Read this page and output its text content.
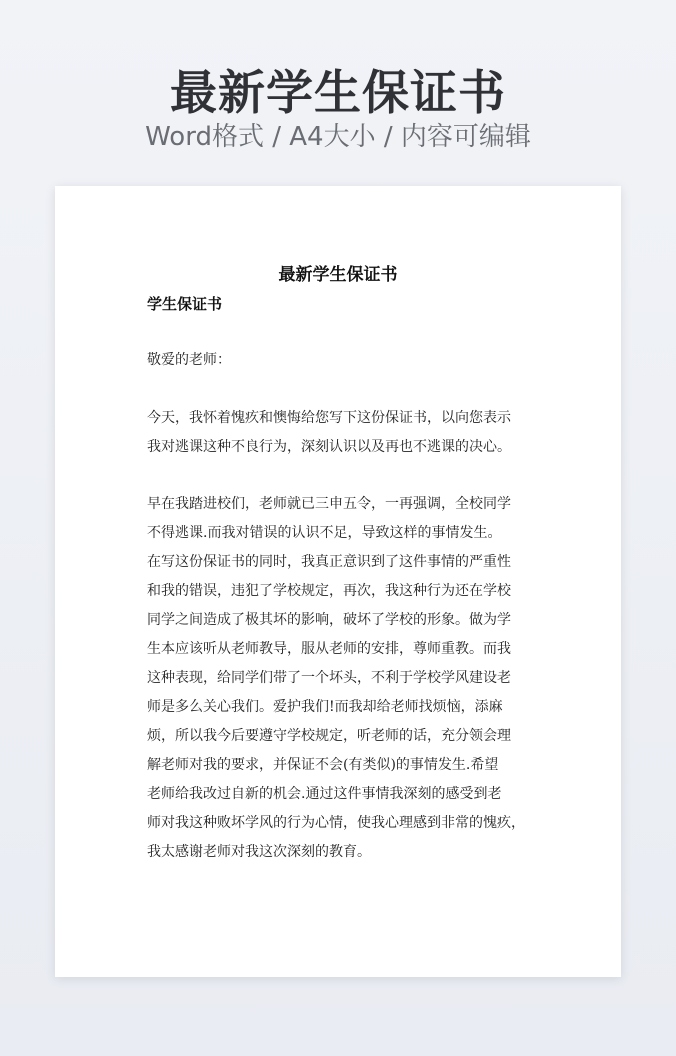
最新学生保证书
Word格式 / A4大小 / 内容可编辑
最新学生保证书
学生保证书
敬爱的老师：
今天，我怀着愧疚和懊悔给您写下这份保证书，以向您表示
我对逃课这种不良行为，深刻认识以及再也不逃课的决心。
早在我踏进校们，老师就已三申五令，一再强调，全校同学
不得逃课.而我对错误的认识不足，导致这样的事情发生。
在写这份保证书的同时，我真正意识到了这件事情的严重性
和我的错误，违犯了学校规定，再次，我这种行为还在学校
同学之间造成了极其坏的影响，破坏了学校的形象。做为学
生本应该听从老师教导，服从老师的安排，尊师重教。而我
这种表现，给同学们带了一个坏头，不利于学校学风建设老
师是多么关心我们。爱护我们!而我却给老师找烦恼，添麻
烦，所以我今后要遵守学校规定，听老师的话，充分领会理
解老师对我的要求，并保证不会(有类似)的事情发生.希望
老师给我改过自新的机会.通过这件事情我深刻的感受到老
师对我这种败坏学风的行为心情，使我心理感到非常的愧疚，
我太感谢老师对我这次深刻的教育。
